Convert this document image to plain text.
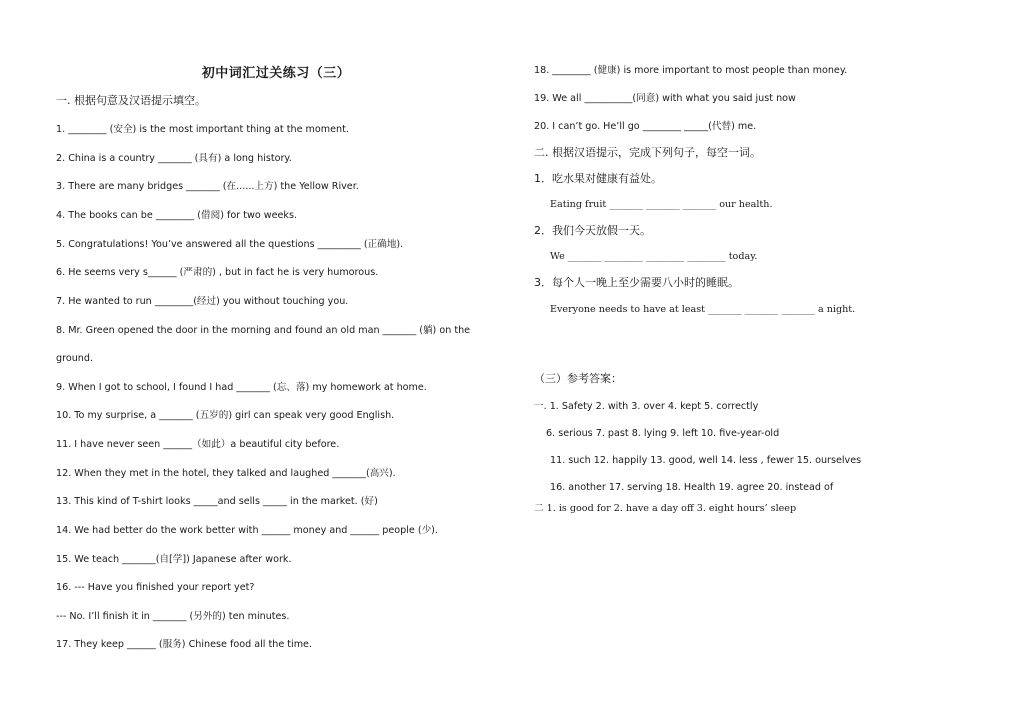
初中词汇过关练习（三）
一. 根据句意及汉语提示填空。
1. ________ (安全) is the most important thing at the moment.
2. China is a country _______ (具有) a long history.
3. There are many bridges _______ (在......上方) the Yellow River.
4. The books can be ________ (借阅) for two weeks.
5. Congratulations! You’ve answered all the questions _________ (正确地).
6. He seems very s______ (严肃的) , but in fact he is very humorous.
7. He wanted to run ________(经过) you without touching you.
8. Mr. Green opened the door in the morning and found an old man _______ (躺) on the
ground.
9. When I got to school, I found I had _______ (忘、落) my homework at home.
10. To my surprise, a _______ (五岁的) girl can speak very good English.
11. I have never seen ______（如此）a beautiful city before.
12. When they met in the hotel, they talked and laughed _______(高兴).
13. This kind of T-shirt looks _____and sells _____ in the market. (好)
14. We had better do the work better with ______ money and ______ people (少).
15. We teach _______(自[学]) Japanese after work.
16. --- Have you finished your report yet?
--- No. I’ll finish it in _______ (另外的) ten minutes.
17. They keep ______ (服务) Chinese food all the time.
18. ________ (健康) is more important to most people than money.
19. We all __________(同意) with what you said just now
20. I can’t go. He’ll go ________ _____(代替) me.
二. 根据汉语提示，完成下列句子，每空一词。
1．吃水果对健康有益处。
Eating fruit _______ _______ _______ our health.
2．我们今天放假一天。
We _______ ________ ________ ________ today.
3．每个人一晚上至少需要八小时的睡眠。
Everyone needs to have at least _______ _______ _______ a night．
（三）参考答案：
一. 1. Safety 2. with 3. over 4. kept 5. correctly
6. serious 7. past 8. lying 9. left 10. five-year-old
11. such 12. happily 13. good, well 14. less , fewer 15. ourselves
16. another 17. serving 18. Health 19. agree 20. instead of
二 1. is good for 2. have a day off 3. eight hours’ sleep
